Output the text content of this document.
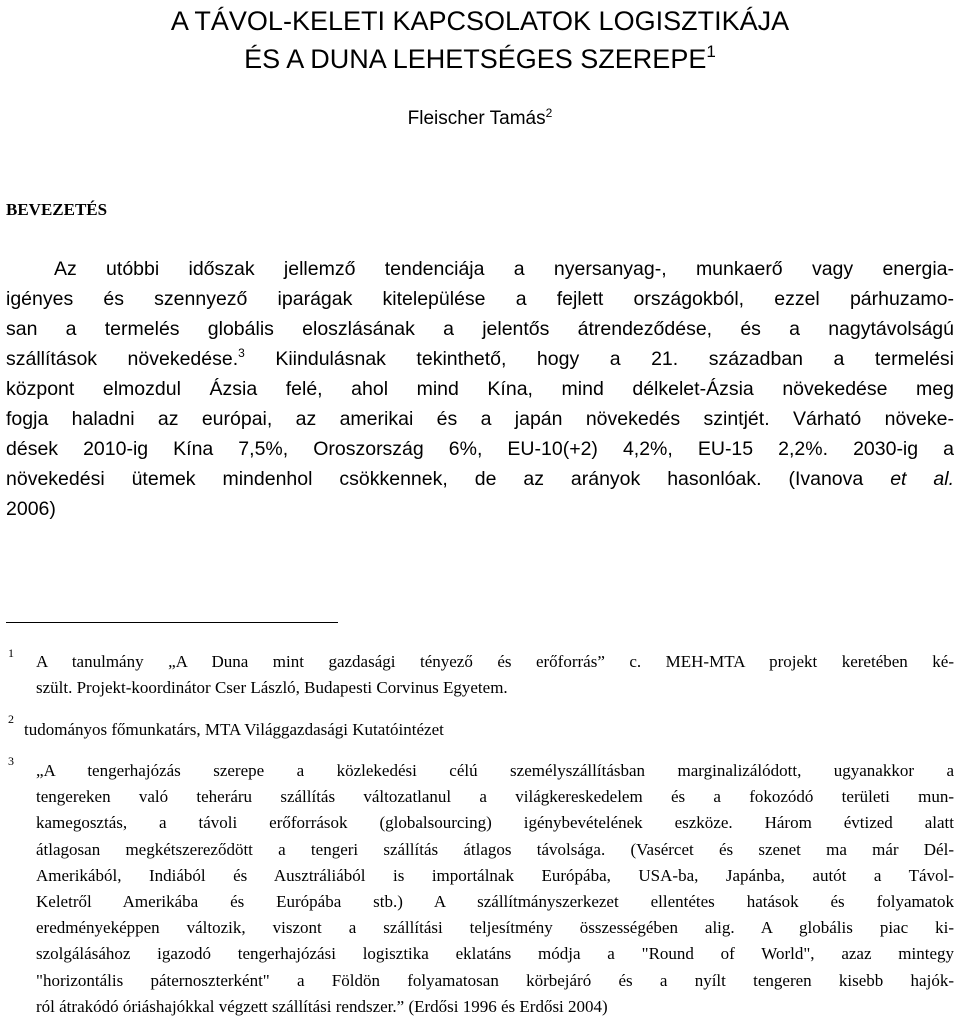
A TÁVOL-KELETI KAPCSOLATOK LOGISZTIKÁJA
ÉS A DUNA LEHETSÉGES SZEREPE$^1$
Fleischer Tamás$^2$
BEVEZETÉS
Az utóbbi időszak jellemző tendenciája a nyersanyag-, munkaerő vagy energia-
igényes és szennyező iparágak kitelepülése a fejlett országokból, ezzel párhuzamo-
san a termelés globális eloszlásának a jelentős átrendeződése, és a nagytávolságú
szállítások növekedése.$^3$ Kiindulásnak tekinthető, hogy a 21. században a termelési
központ elmozdul Ázsia felé, ahol mind Kína, mind délkelet-Ázsia növekedése meg
fogja haladni az európai, az amerikai és a japán növekedés szintjét. Várható növeke-
dések 2010-ig Kína 7,5%, Oroszország 6%, EU-10(+2) 4,2%, EU-15 2,2%. 2030-ig a
növekedési ütemek mindenhol csökkennek, de az arányok hasonlóak. (Ivanova et al.
2006)
1 A tanulmány „A Duna mint gazdasági tényező és erőforrás” c. MEH-MTA projekt keretében ké-
szült. Projekt-koordinátor Cser László, Budapesti Corvinus Egyetem.
2
tudományos főmunkatárs, MTA Világgazdasági Kutatóintézet
3 „A tengerhajózás szerepe a közlekedési célú személyszállításban marginalizálódott, ugyanakkor a
tengereken való teheráru szállítás változatlanul a világkereskedelem és a fokozódó területi mun-
kamegosztás, a távoli erőforrások (globalsourcing) igénybevételének eszköze. Három évtized alatt
átlagosan megkétszereződött a tengeri szállítás átlagos távolsága. (Vasércet és szenet ma már Dél-
Amerikából, Indiából és Ausztráliából is importálnak Európába, USA-ba, Japánba, autót a Távol-
Keletről Amerikába és Európába stb.) A szállítmányszerkezet ellentétes hatások és folyamatok
eredményeképpen változik, viszont a szállítási teljesítmény összességében alig. A globális piac ki-
szolgálásához igazodó tengerhajózási logisztika eklatáns módja a "Round of World", azaz mintegy
"horizontális páternoszterként" a Földön folyamatosan körbejáró és a nyílt tengeren kisebb hajók-
ról átrakódó óriáshajókkal végzett szállítási rendszer.” (Erdősi 1996 és Erdősi 2004)
